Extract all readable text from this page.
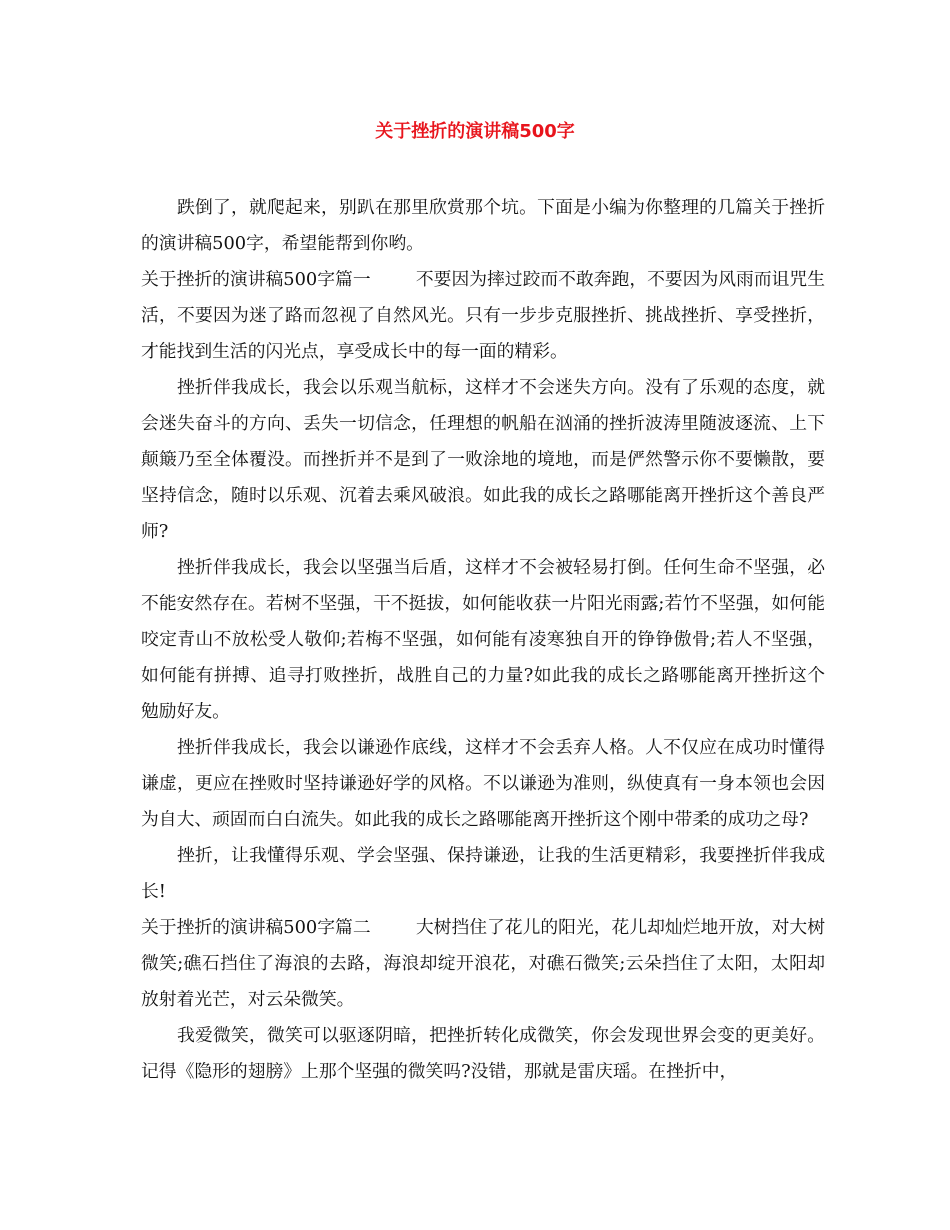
关于挫折的演讲稿500字

跌倒了，就爬起来，别趴在那里欣赏那个坑。下面是小编为你整理的几篇关于挫折的演讲稿500字，希望能帮到你哟。

关于挫折的演讲稿500字篇一	不要因为摔过跤而不敢奔跑，不要因为风雨而诅咒生活，不要因为迷了路而忽视了自然风光。只有一步步克服挫折、挑战挫折、享受挫折，才能找到生活的闪光点，享受成长中的每一面的精彩。

挫折伴我成长，我会以乐观当航标，这样才不会迷失方向。没有了乐观的态度，就会迷失奋斗的方向、丢失一切信念，任理想的帆船在汹涌的挫折波涛里随波逐流、上下颠簸乃至全体覆没。而挫折并不是到了一败涂地的境地，而是俨然警示你不要懒散，要坚持信念，随时以乐观、沉着去乘风破浪。如此我的成长之路哪能离开挫折这个善良严师?

挫折伴我成长，我会以坚强当后盾，这样才不会被轻易打倒。任何生命不坚强，必不能安然存在。若树不坚强，干不挺拔，如何能收获一片阳光雨露;若竹不坚强，如何能咬定青山不放松受人敬仰;若梅不坚强，如何能有凌寒独自开的铮铮傲骨;若人不坚强，如何能有拼搏、追寻打败挫折，战胜自己的力量?如此我的成长之路哪能离开挫折这个勉励好友。

挫折伴我成长，我会以谦逊作底线，这样才不会丢弃人格。人不仅应在成功时懂得谦虚，更应在挫败时坚持谦逊好学的风格。不以谦逊为准则，纵使真有一身本领也会因为自大、顽固而白白流失。如此我的成长之路哪能离开挫折这个刚中带柔的成功之母?

挫折，让我懂得乐观、学会坚强、保持谦逊，让我的生活更精彩，我要挫折伴我成长!

关于挫折的演讲稿500字篇二	大树挡住了花儿的阳光，花儿却灿烂地开放，对大树微笑;礁石挡住了海浪的去路，海浪却绽开浪花，对礁石微笑;云朵挡住了太阳，太阳却放射着光芒，对云朵微笑。

我爱微笑，微笑可以驱逐阴暗，把挫折转化成微笑，你会发现世界会变的更美好。记得《隐形的翅膀》上那个坚强的微笑吗?没错，那就是雷庆瑶。在挫折中，
